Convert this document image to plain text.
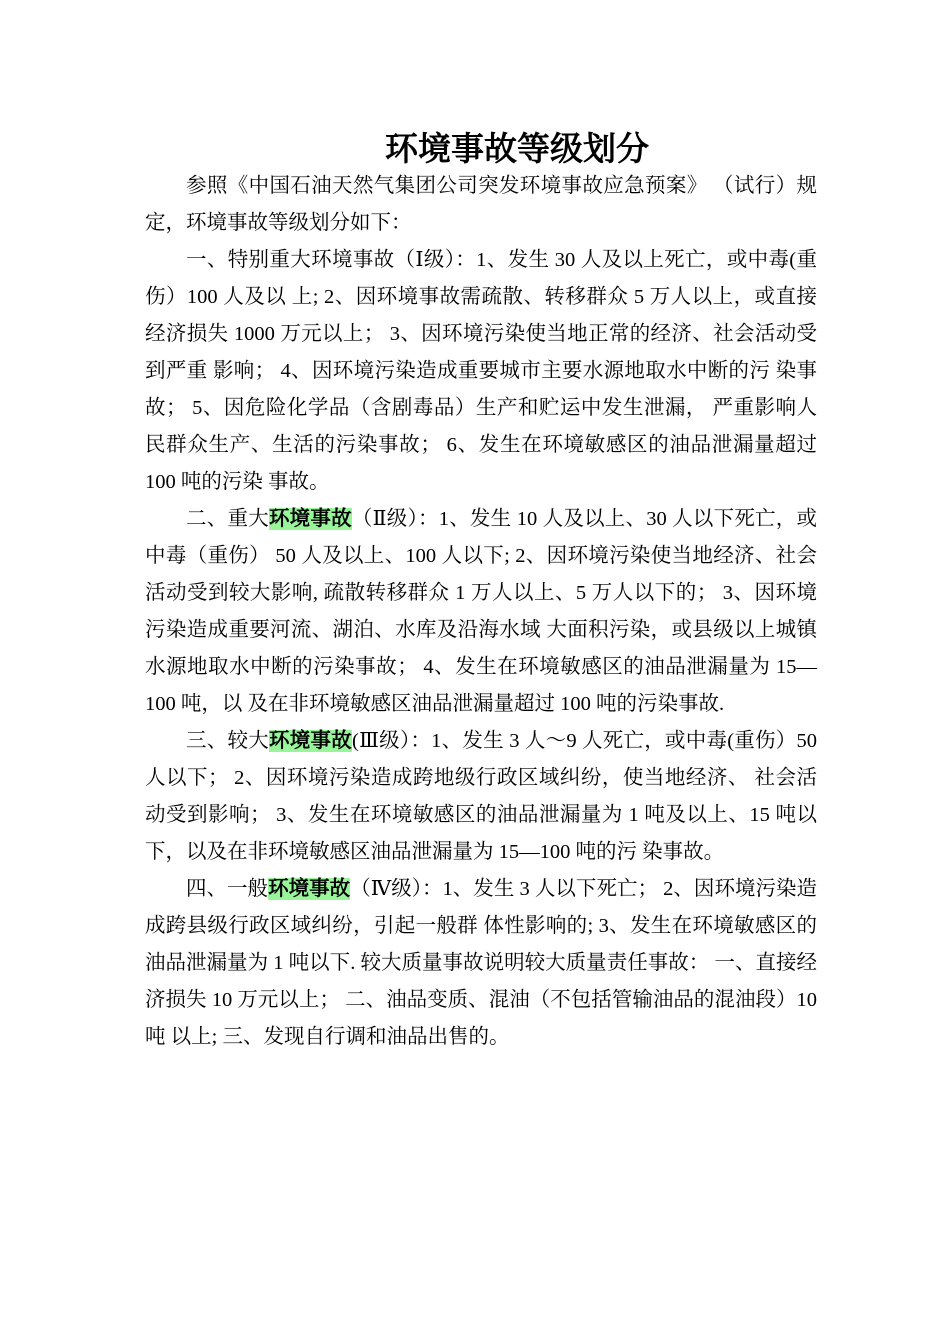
环境事故等级划分

参照《中国石油天然气集团公司突发环境事故应急预案》 （试行）规定，环境事故等级划分如下：

一、特别重大环境事故（Ⅰ级）：1、发生 30 人及以上死亡，或中毒(重伤）100 人及以 上; 2、因环境事故需疏散、转移群众 5 万人以上，或直接 经济损失 1000 万元以上； 3、因环境污染使当地正常的经济、社会活动受到严重 影响； 4、因环境污染造成重要城市主要水源地取水中断的污 染事故； 5、因危险化学品（含剧毒品）生产和贮运中发生泄漏， 严重影响人民群众生产、生活的污染事故； 6、发生在环境敏感区的油品泄漏量超过 100 吨的污染 事故。

二、重大环境事故（Ⅱ级）：1、发生 10 人及以上、30 人以下死亡，或中毒（重伤） 50 人及以上、100 人以下; 2、因环境污染使当地经济、社会活动受到较大影响, 疏散转移群众 1 万人以上、5 万人以下的； 3、因环境污染造成重要河流、湖泊、水库及沿海水域 大面积污染，或县级以上城镇水源地取水中断的污染事故； 4、发生在环境敏感区的油品泄漏量为 15—100 吨，以 及在非环境敏感区油品泄漏量超过 100 吨的污染事故.

三、较大环境事故(Ⅲ级）：1、发生 3 人～9 人死亡，或中毒(重伤）50 人以下； 2、因环境污染造成跨地级行政区域纠纷，使当地经济、 社会活动受到影响； 3、发生在环境敏感区的油品泄漏量为 1 吨及以上、15 吨以下，以及在非环境敏感区油品泄漏量为 15—100 吨的污 染事故。

四、一般环境事故（Ⅳ级）：1、发生 3 人以下死亡； 2、因环境污染造成跨县级行政区域纠纷，引起一般群 体性影响的; 3、发生在环境敏感区的油品泄漏量为 1 吨以下. 较大质量事故说明较大质量责任事故： 一、直接经济损失 10 万元以上； 二、油品变质、混油（不包括管输油品的混油段）10 吨 以上; 三、发现自行调和油品出售的。
